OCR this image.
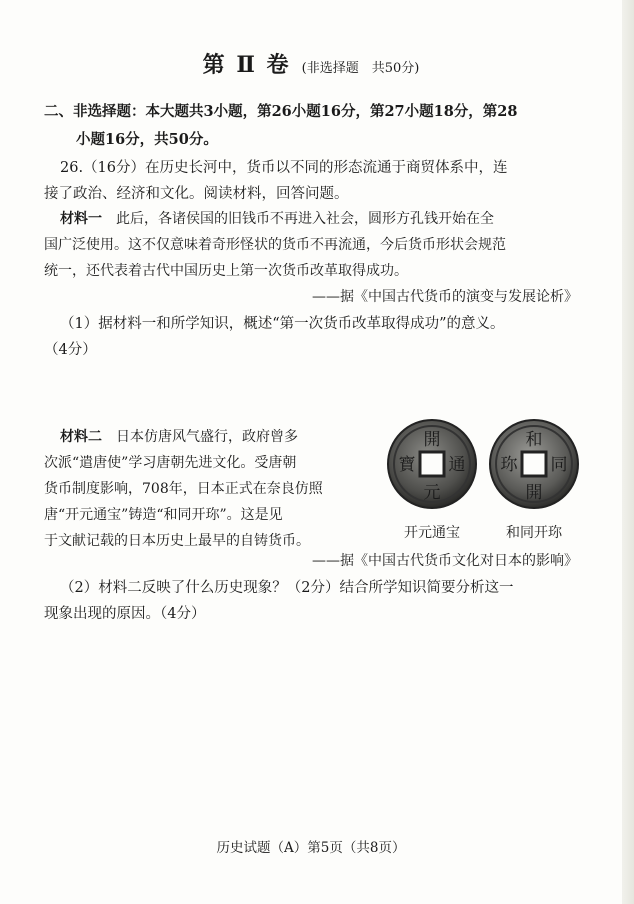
第 Ⅱ 卷 (非选择题　共50分)
二、非选择题：本大题共3小题，第26小题16分，第27小题18分，第28
小题16分，共50分。
26.（16分）在历史长河中，货币以不同的形态流通于商贸体系中，连
接了政治、经济和文化。阅读材料，回答问题。
材料一　 此后，各诸侯国的旧钱币不再进入社会，圆形方孔钱开始在全
国广泛使用。这不仅意味着奇形怪状的货币不再流通，今后货币形状会规范
统一，还代表着古代中国历史上第一次货币改革取得成功。
——据《中国古代货币的演变与发展论析》
（1）据材料一和所学知识，概述“第一次货币改革取得成功”的意义。
（4分）
材料二　 日本仿唐风气盛行，政府曾多
次派“遣唐使”学习唐朝先进文化。受唐朝
货币制度影响，708年，日本正式在奈良仿照
唐“开元通宝”铸造“和同开珎”。这是见
于文献记载的日本历史上最早的自铸货币。
開
元
通
寶
和
開
同
珎
开元通宝	和同开珎
——据《中国古代货币文化对日本的影响》
（2）材料二反映了什么历史现象？（2分）结合所学知识简要分析这一
现象出现的原因。（4分）
历史试题（A）第5页（共8页）
